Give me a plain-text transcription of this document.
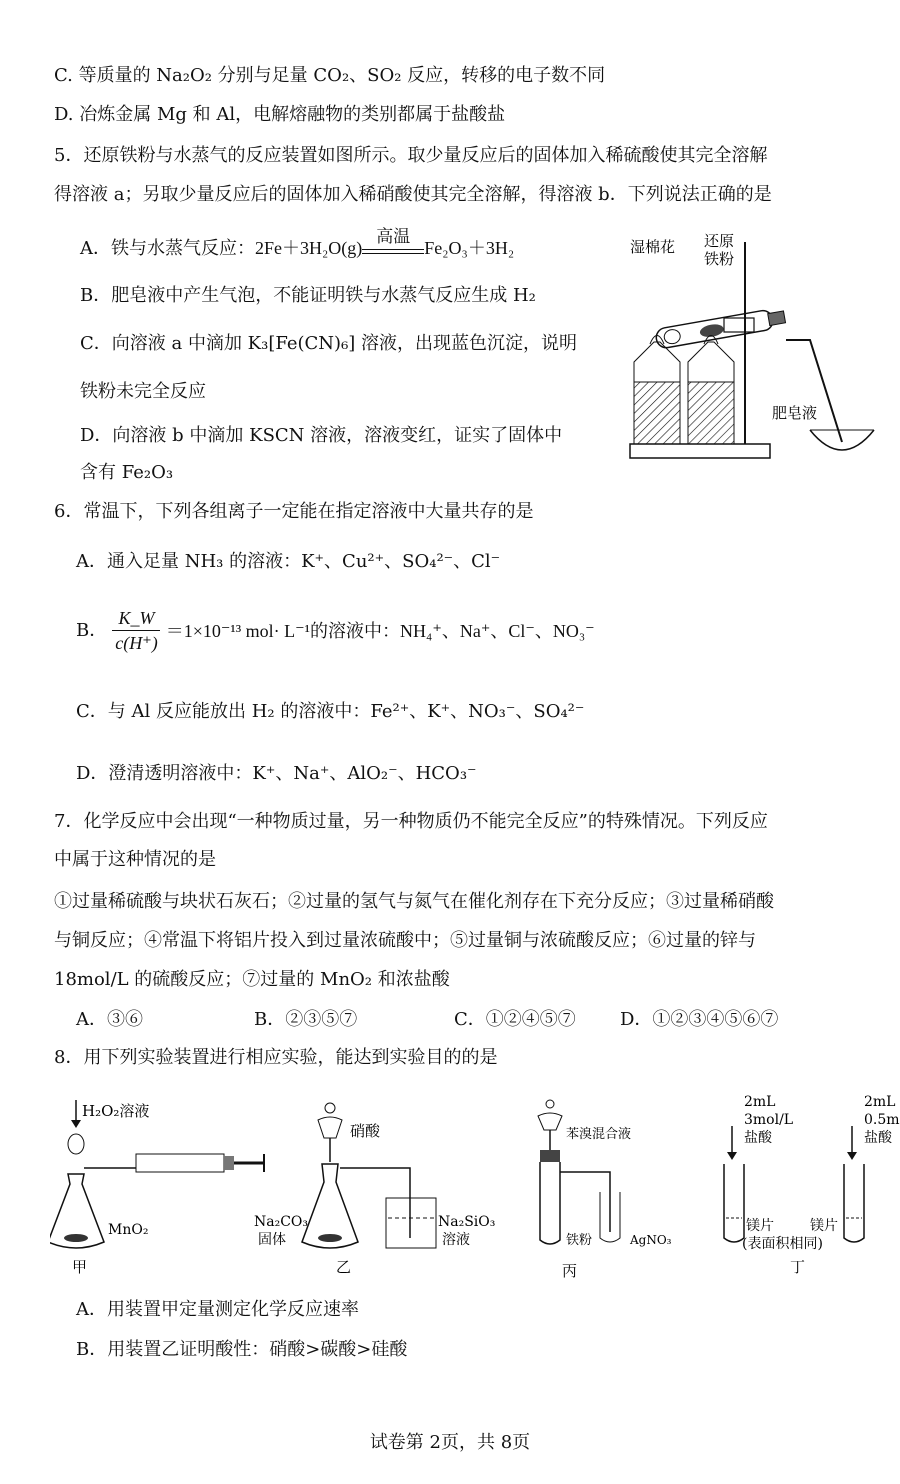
C. 等质量的 Na₂O₂ 分别与足量 CO₂、SO₂ 反应，转移的电子数不同
D. 冶炼金属 Mg 和 Al，电解熔融物的类别都属于盐酸盐
5．还原铁粉与水蒸气的反应装置如图所示。取少量反应后的固体加入稀硫酸使其完全溶解
得溶液 a；另取少量反应后的固体加入稀硝酸使其完全溶解，得溶液 b．下列说法正确的是
A．铁与水蒸气反应：2Fe＋3H₂O(g)
高温
Fe₂O₃＋3H₂
B．肥皂液中产生气泡，不能证明铁与水蒸气反应生成 H₂
C．向溶液 a 中滴加 K₃[Fe(CN)₆] 溶液，出现蓝色沉淀，说明
铁粉未完全反应
D．向溶液 b 中滴加 KSCN 溶液，溶液变红，证实了固体中
含有 Fe₂O₃
湿棉花 还原
铁粉
肥皂液
6．常温下，下列各组离子一定能在指定溶液中大量共存的是
A．通入足量 NH₃ 的溶液：K⁺、Cu²⁺、SO₄²⁻、Cl⁻
B． $\frac{K\_W}{c(H^+)} =1\times 10^{-13}$ mol· L⁻¹的溶液中：NH₄⁺、Na⁺、Cl⁻、NO₃⁻
C．与 Al 反应能放出 H₂ 的溶液中：Fe²⁺、K⁺、NO₃⁻、SO₄²⁻
D．澄清透明溶液中：K⁺、Na⁺、AlO₂⁻、HCO₃⁻
7．化学反应中会出现“一种物质过量，另一种物质仍不能完全反应”的特殊情况。下列反应
中属于这种情况的是
①过量稀硫酸与块状石灰石；②过量的氢气与氮气在催化剂存在下充分反应；③过量稀硝酸
与铜反应；④常温下将铝片投入到过量浓硫酸中；⑤过量铜与浓硫酸反应；⑥过量的锌与
18mol/L 的硫酸反应；⑦过量的 MnO₂ 和浓盐酸
A．③⑥	B．②③⑤⑦	C．①②④⑤⑦ D．①②③④⑤⑥⑦
8．用下列实验装置进行相应实验，能达到实验目的的是
H₂O₂溶液
MnO₂
甲
硝酸
Na₂CO₃
固体
Na₂SiO₃
溶液
乙
苯溴混合液
铁粉	AgNO₃
丙
2mL
3mol/L
盐酸
2mL
0.5m
盐酸
镁片	镁片
(表面积相同)
丁
A．用装置甲定量测定化学反应速率
B．用装置乙证明酸性：硝酸>碳酸>硅酸
试卷第 2页，共 8页
